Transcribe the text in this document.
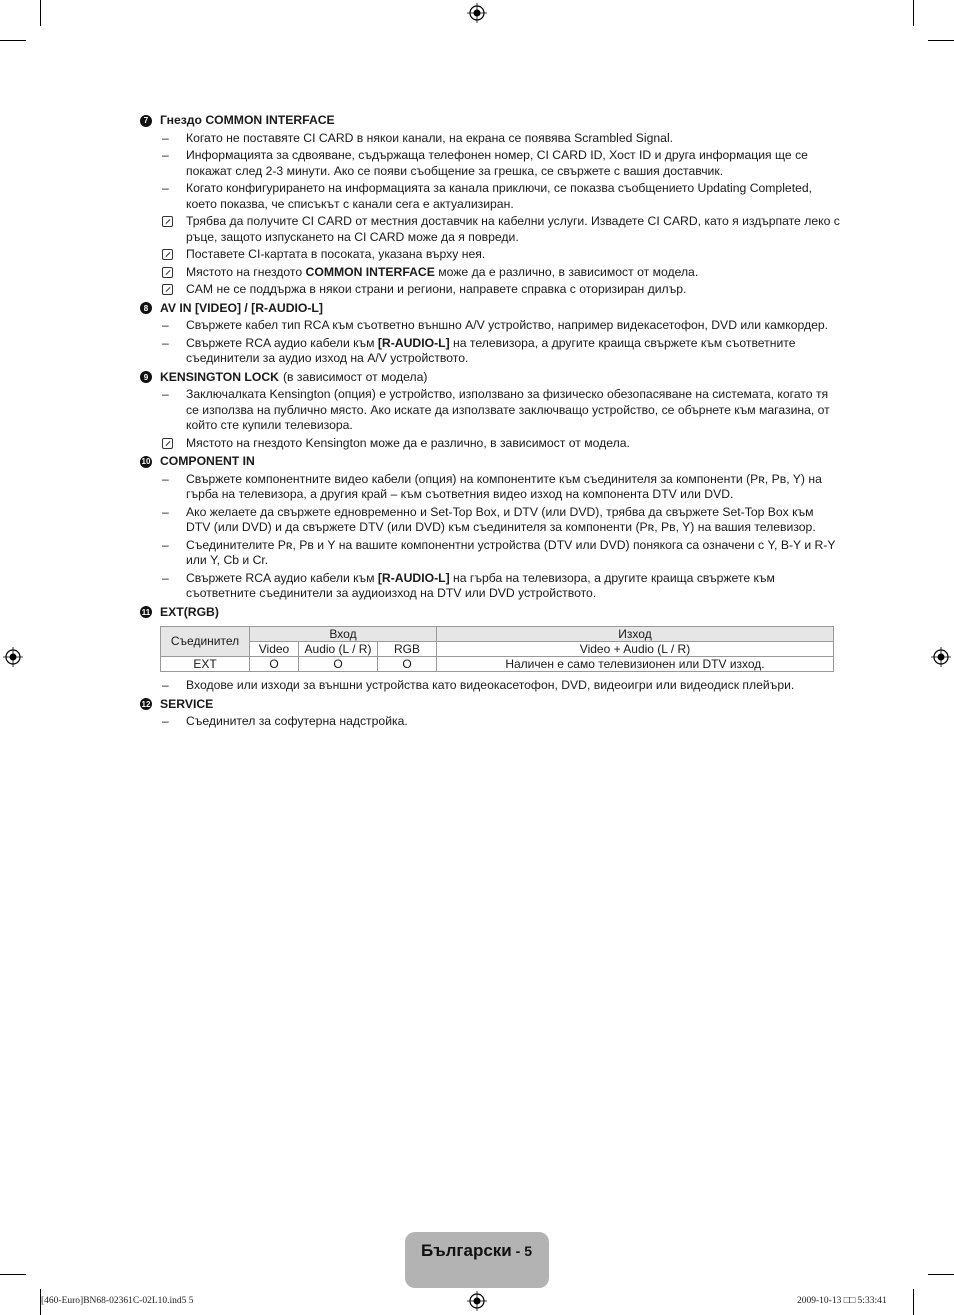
7 Гнездо COMMON INTERFACE
–
Когато не поставяте CI CARD в някои канали, на екрана се появява Scrambled Signal.
–
Информацията за сдвояване, съдържаща телефонен номер, CI CARD ID, Хост ID и друга информация ще се покажат след 2-3 минути. Ако се появи съобщение за грешка, се свържете с вашия доставчик.
–
Когато конфигурирането на информацията за канала приключи, се показва съобщението Updating Completed, което показва, че списъкът с канали сега е актуализиран.
Трябва да получите CI CARD от местния доставчик на кабелни услуги. Извадете CI CARD, като я издърпате леко с ръце, защото изпускането на CI CARD може да я повреди.
Поставете CI-картата в посоката, указана върху нея.
Мястото на гнездото COMMON INTERFACE може да е различно, в зависимост от модела.
CAM не се поддържа в някои страни и региони, направете справка с оторизиран дилър.
8 AV IN [VIDEO] / [R-AUDIO-L]
–
Свържете кабел тип RCA към съответно външно A/V устройство, например видекасетофон, DVD или камкордер.
–
Свържете RCA аудио кабели към [R-AUDIO-L] на телевизора, а другите краища свържете към съответните съединители за аудио изход на A/V устройството.
9 KENSINGTON LOCK (в зависимост от модела)
–
Заключалката Kensington (опция) е устройство, използвано за физическо обезопасяване на системата, когато тя се използва на публично място. Ако искате да използвате заключващо устройство, се обърнете към магазина, от който сте купили телевизора.
Мястото на гнездото Kensington може да е различно, в зависимост от модела.
10 COMPONENT IN
–
Свържете компонентните видео кабели (опция) на компонентите към съединителя за компоненти (Pʀ, Pʙ, Y) на гърба на телевизора, а другия край – към съответния видео изход на компонента DTV или DVD.
–
Ако желаете да свържете едновременно и Set-Top Box, и DTV (или DVD), трябва да свържете Set-Top Box към DTV (или DVD) и да свържете DTV (или DVD) към съединителя за компоненти (Pʀ, Pʙ, Y) на вашия телевизор.
–
Съединителите Pʀ, Pʙ и Y на вашите компонентни устройства (DTV или DVD) понякога са означени с Y, B-Y и R-Y или Y, Cb и Cr.
–
Свържете RCA аудио кабели към [R-AUDIO-L] на гърба на телевизора, а другите краища свържете към съответните съединители за аудиоизход на DTV или DVD устройството.
11 EXT(RGB)
Съединител	Вход			Изход
	Video	Audio (L / R)	RGB	Video + Audio (L / R)
EXT	O	O	O	Наличен е само телевизионен или DTV изход.
–
Входове или изходи за външни устройства като видеокасетофон, DVD, видеоигри или видеодиск плейъри.
12 SERVICE
–
Съединител за софутерна надстройка.
Български - 5
[460-Euro]BN68-02361C-02L10.ind5 5	2009-10-13 □□ 5:33:41
